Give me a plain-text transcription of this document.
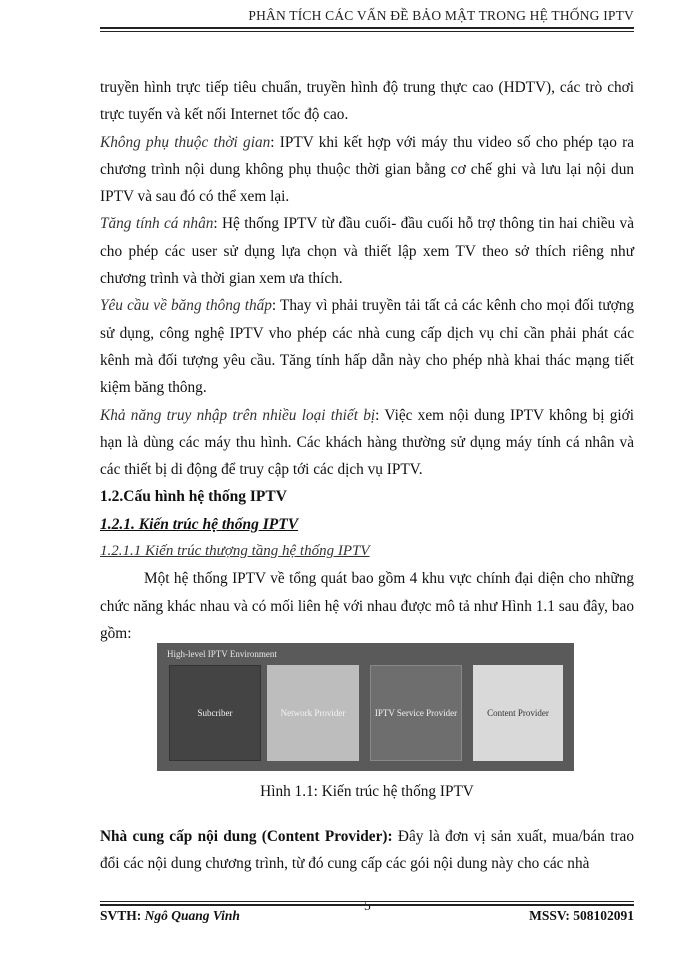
PHÂN TÍCH CÁC VẤN ĐỀ BẢO MẬT TRONG HỆ THỐNG IPTV

truyền hình trực tiếp tiêu chuẩn, truyền hình độ trung thực cao (HDTV), các trò chơi trực tuyến và kết nối Internet tốc độ cao.

Không phụ thuộc thời gian: IPTV khi kết hợp với máy thu video số cho phép tạo ra chương trình nội dung không phụ thuộc thời gian bằng cơ chế ghi và lưu lại nội dun IPTV và sau đó có thể xem lại.

Tăng tính cá nhân: Hệ thống IPTV từ đầu cuối- đầu cuối hỗ trợ thông tin hai chiều và cho phép các user sử dụng lựa chọn và thiết lập xem TV theo sở thích riêng như chương trình và thời gian xem ưa thích.

Yêu cầu về băng thông thấp: Thay vì phải truyền tải tất cả các kênh cho mọi đối tượng sử dụng, công nghệ IPTV vho phép các nhà cung cấp dịch vụ chỉ cần phải phát các kênh mà đối tượng yêu cầu. Tăng tính hấp dẫn này cho phép nhà khai thác mạng tiết kiệm băng thông.

Khả năng truy nhập trên nhiều loại thiết bị: Việc xem nội dung IPTV không bị giới hạn là dùng các máy thu hình. Các khách hàng thường sử dụng máy tính cá nhân và các thiết bị di động để truy cập tới các dịch vụ IPTV.

1.2.Cấu hình hệ thống IPTV

1.2.1. Kiến trúc hệ thống IPTV

1.2.1.1 Kiến trúc thượng tầng hệ thống IPTV

Một hệ thống IPTV về tổng quát bao gồm 4 khu vực chính đại diện cho những chức năng khác nhau và có mối liên hệ với nhau được mô tả như Hình 1.1 sau đây, bao gồm:

High-level IPTV Environment
Subcriber	Network Provider	IPTV Service Provider	Content Provider
Hình 1.1: Kiến trúc hệ thống IPTV

Nhà cung cấp nội dung (Content Provider): Đây là đơn vị sản xuất, mua/bán trao đổi các nội dung chương trình, từ đó cung cấp các gói nội dung này cho các nhà

5
SVTH: Ngô Quang Vinh	MSSV: 508102091
